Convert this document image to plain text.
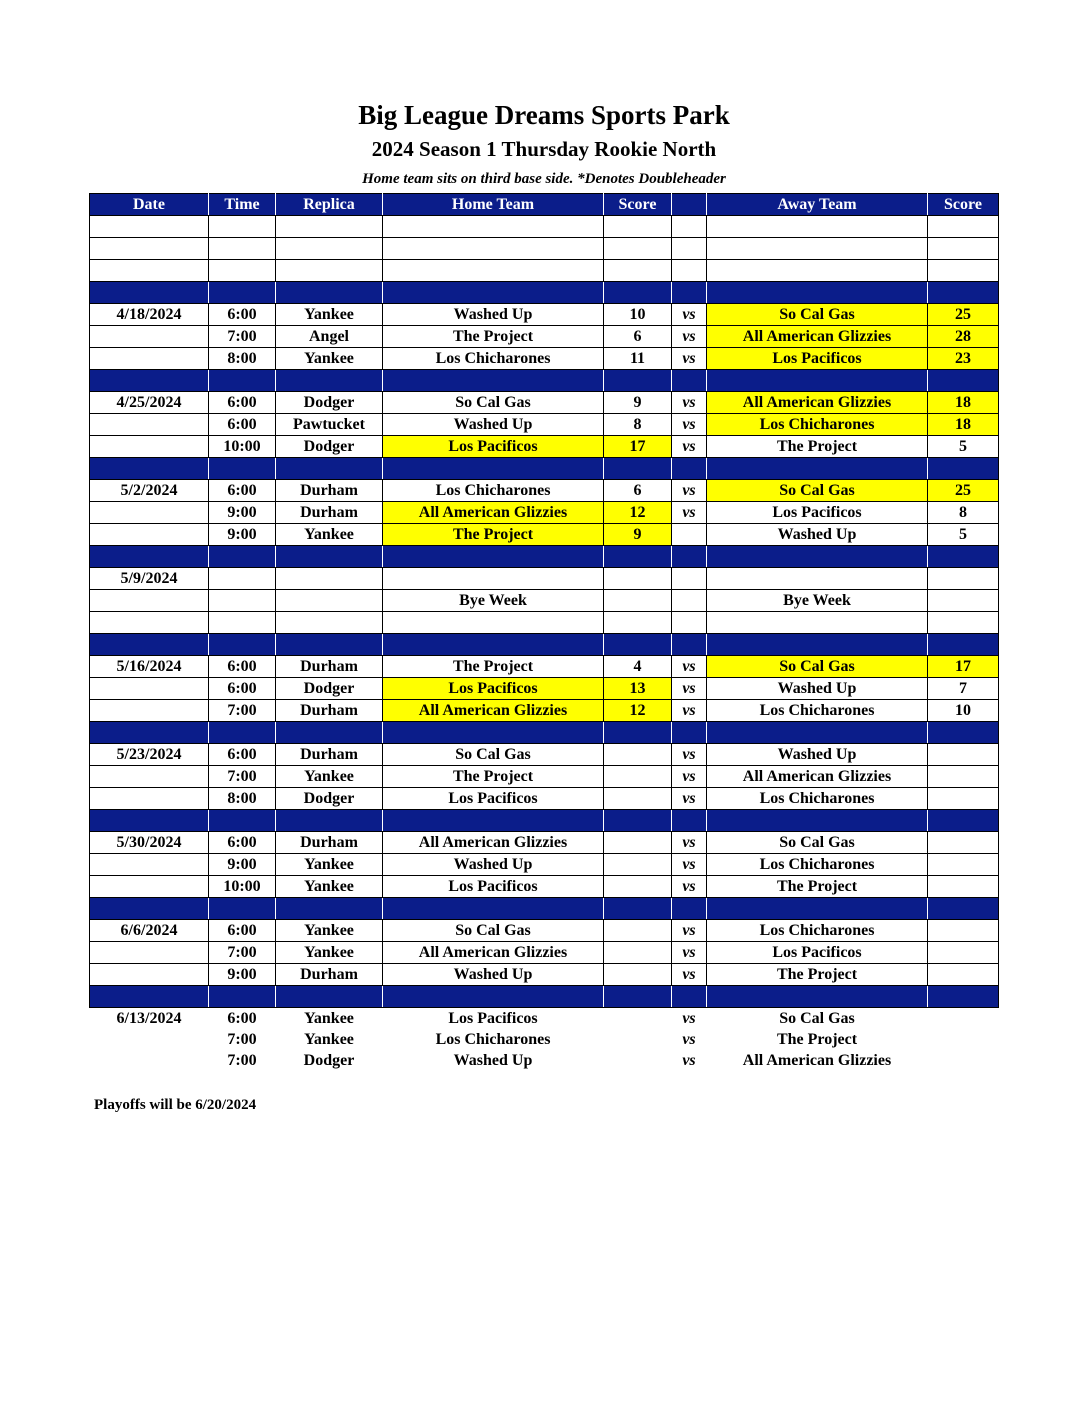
Big League Dreams Sports Park
2024 Season 1 Thursday Rookie North
Home team sits on third base side. *Denotes Doubleheader
Date	Time	Replica	Home Team	Score		Away Team	Score

4/18/2024	6:00	Yankee	Washed Up	10	vs	So Cal Gas	25
	7:00	Angel	The Project	6	vs	All American Glizzies	28
	8:00	Yankee	Los Chicharones	11	vs	Los Pacificos	23

4/25/2024	6:00	Dodger	So Cal Gas	9	vs	All American Glizzies	18
	6:00	Pawtucket	Washed Up	8	vs	Los Chicharones	18
	10:00	Dodger	Los Pacificos	17	vs	The Project	5

5/2/2024	6:00	Durham	Los Chicharones	6	vs	So Cal Gas	25
	9:00	Durham	All American Glizzies	12	vs	Los Pacificos	8
	9:00	Yankee	The Project	9		Washed Up	5

5/9/2024							
			Bye Week			Bye Week	

5/16/2024	6:00	Durham	The Project	4	vs	So Cal Gas	17
	6:00	Dodger	Los Pacificos	13	vs	Washed Up	7
	7:00	Durham	All American Glizzies	12	vs	Los Chicharones	10

5/23/2024	6:00	Durham	So Cal Gas		vs	Washed Up	
	7:00	Yankee	The Project		vs	All American Glizzies	
	8:00	Dodger	Los Pacificos		vs	Los Chicharones	

5/30/2024	6:00	Durham	All American Glizzies		vs	So Cal Gas	
	9:00	Yankee	Washed Up		vs	Los Chicharones	
	10:00	Yankee	Los Pacificos		vs	The Project	

6/6/2024	6:00	Yankee	So Cal Gas		vs	Los Chicharones	
	7:00	Yankee	All American Glizzies		vs	Los Pacificos	
	9:00	Durham	Washed Up		vs	The Project	

6/13/2024	6:00	Yankee	Los Pacificos		vs	So Cal Gas	
	7:00	Yankee	Los Chicharones		vs	The Project	
	7:00	Dodger	Washed Up		vs	All American Glizzies	
Playoffs will be 6/20/2024
